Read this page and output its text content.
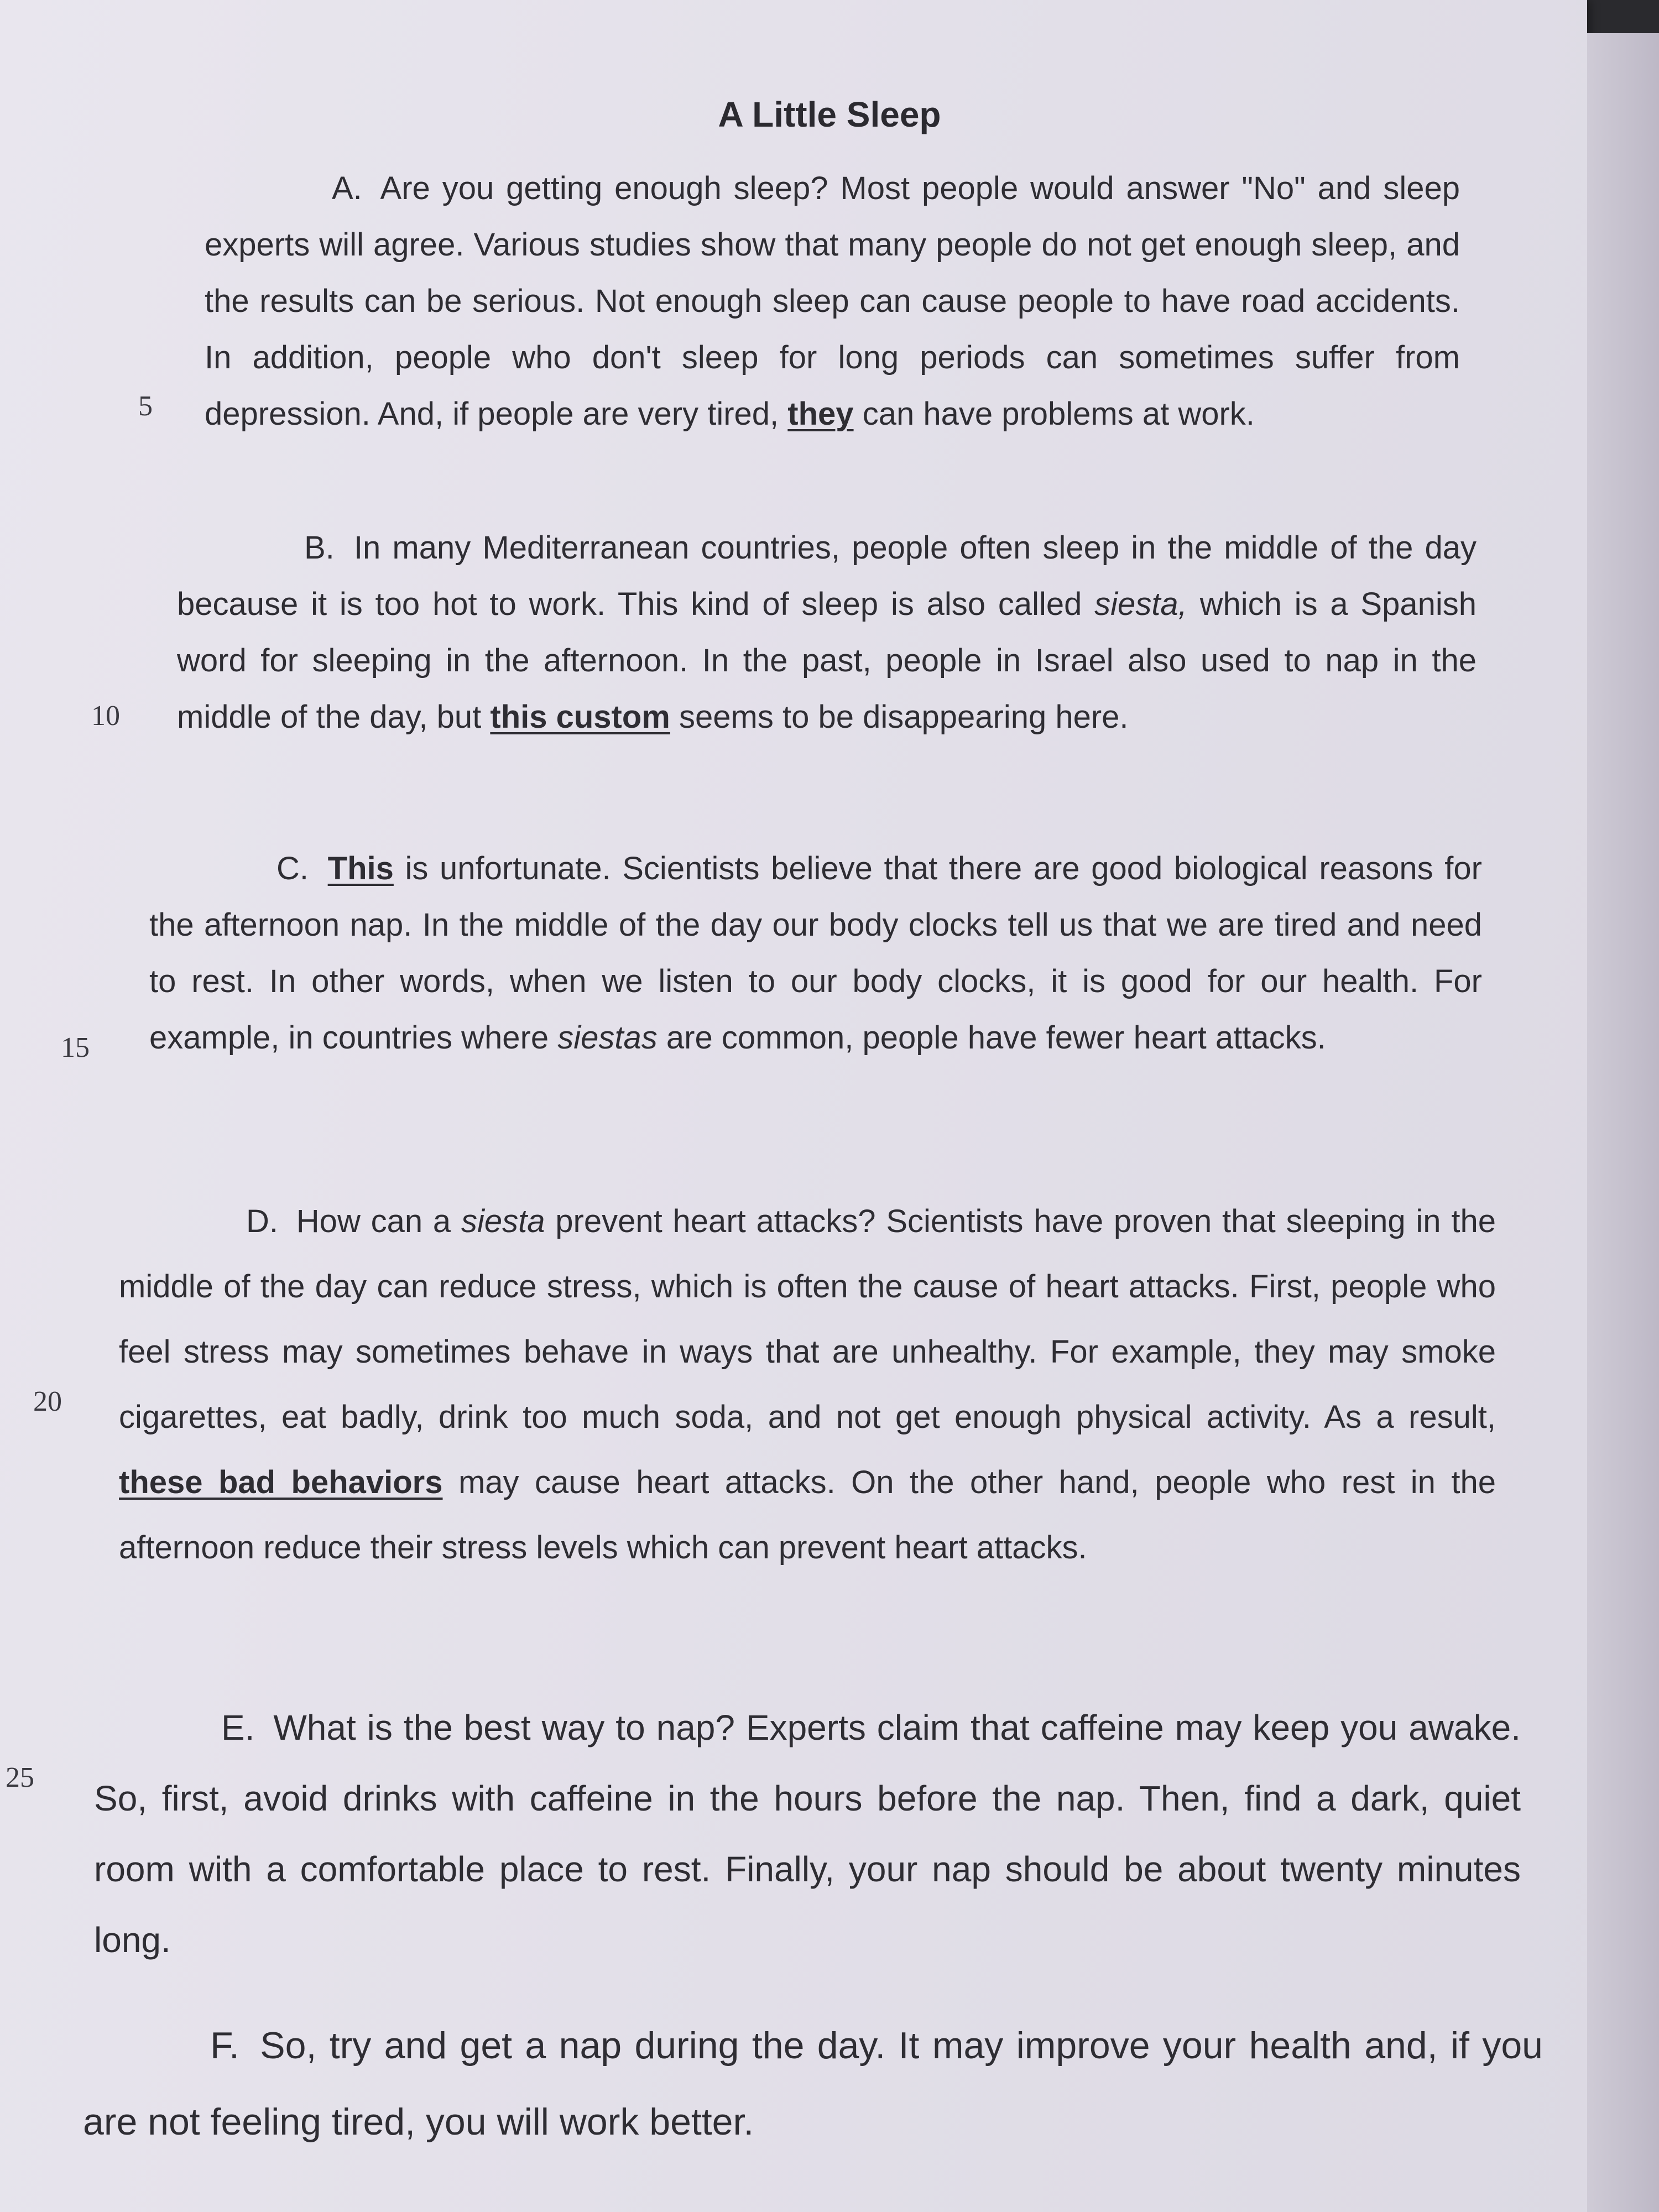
A Little Sleep
A. Are you getting enough sleep? Most people would answer "No" and sleep experts will agree. Various studies show that many people do not get enough sleep, and the results can be serious. Not enough sleep can cause people to have road accidents. In addition, people who don't sleep for long periods can sometimes suffer from depression. And, if people are very tired, they can have problems at work.
5
B. In many Mediterranean countries, people often sleep in the middle of the day because it is too hot to work. This kind of sleep is also called siesta, which is a Spanish word for sleeping in the afternoon. In the past, people in Israel also used to nap in the middle of the day, but this custom seems to be disappearing here.
10
C. This is unfortunate. Scientists believe that there are good biological reasons for the afternoon nap. In the middle of the day our body clocks tell us that we are tired and need to rest. In other words, when we listen to our body clocks, it is good for our health. For example, in countries where siestas are common, people have fewer heart attacks.
15
D. How can a siesta prevent heart attacks? Scientists have proven that sleeping in the middle of the day can reduce stress, which is often the cause of heart attacks. First, people who feel stress may sometimes behave in ways that are unhealthy. For example, they may smoke cigarettes, eat badly, drink too much soda, and not get enough physical activity. As a result, these bad behaviors may cause heart attacks. On the other hand, people who rest in the afternoon reduce their stress levels which can prevent heart attacks.
20
E. What is the best way to nap? Experts claim that caffeine may keep you awake. So, first, avoid drinks with caffeine in the hours before the nap. Then, find a dark, quiet room with a comfortable place to rest. Finally, your nap should be about twenty minutes long.
25
F. So, try and get a nap during the day. It may improve your health and, if you are not feeling tired, you will work better.
